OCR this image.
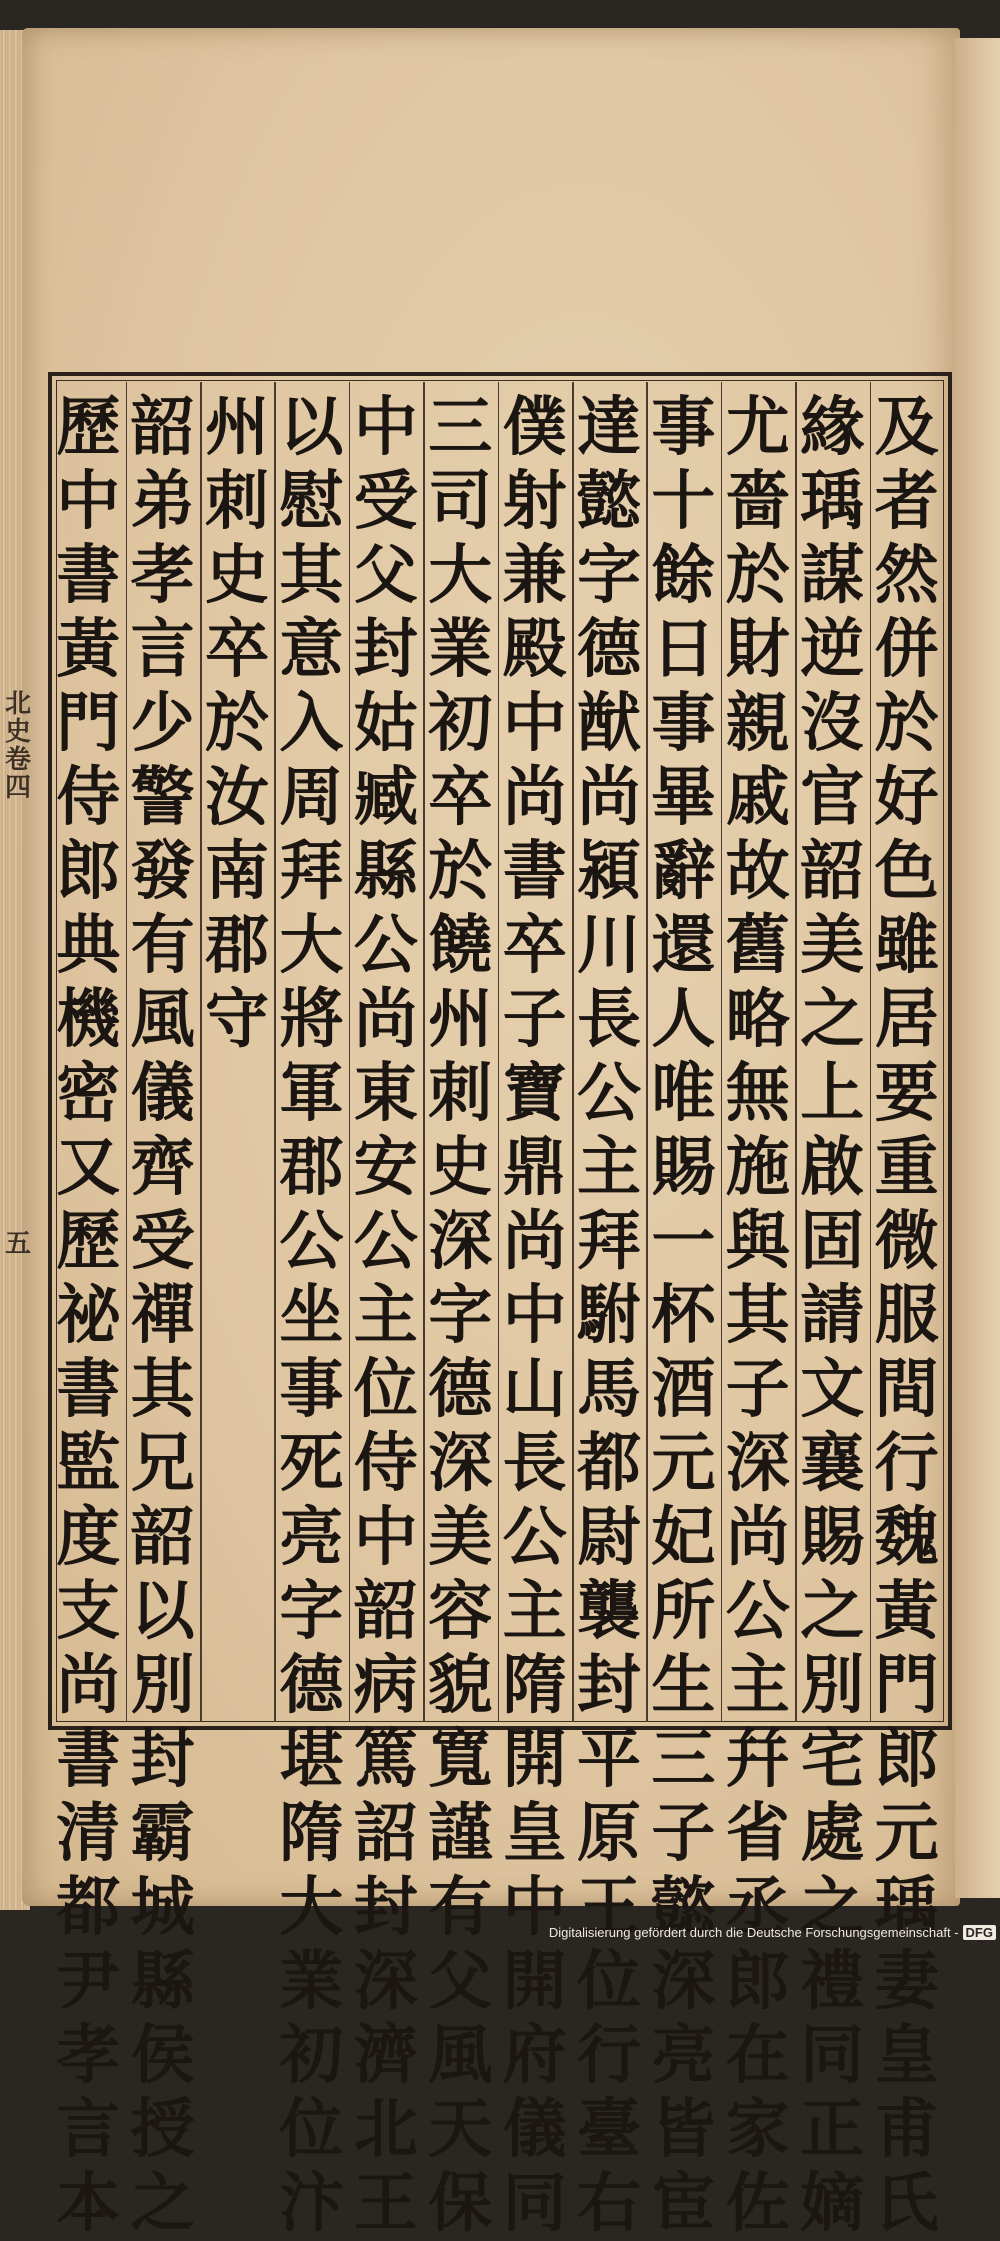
及
者
然
併
於
好
色
雖
居
要
重
微
服
間
行
魏
黃
門
郎
元
瑀
妻
皇
甫
氏
緣
瑀
謀
逆
沒
官
韶
美
之
上
啟
固
請
文
襄
賜
之
別
宅
處
之
禮
同
正
嫡
尤
嗇
於
財
親
戚
故
舊
略
無
施
與
其
子
深
尚
公
主
幷
省
丞
郎
在
家
佐
事
十
餘
日
事
畢
辭
還
人
唯
賜
一
杯
酒
元
妃
所
生
三
子
懿
深
亮
皆
宦
達
懿
字
德
猷
尚
潁
川
長
公
主
拜
駙
馬
都
尉
襲
封
平
原
王
位
行
臺
右
僕
射
兼
殿
中
尚
書
卒
子
寶
鼎
尚
中
山
長
公
主
隋
開
皇
中
開
府
儀
同
三
司
大
業
初
卒
於
饒
州
刺
史
深
字
德
深
美
容
貌
寬
謹
有
父
風
天
保
中
受
父
封
姑
臧
縣
公
尚
東
安
公
主
位
侍
中
韶
病
篤
詔
封
深
濟
北
王
以
慰
其
意
入
周
拜
大
將
軍
郡
公
坐
事
死
亮
字
德
堪
隋
大
業
初
位
汴
州
刺
史
卒
於
汝
南
郡
守
韶
弟
孝
言
少
警
發
有
風
儀
齊
受
禪
其
兄
韶
以
別
封
霸
城
縣
侯
授
之
歷
中
書
黃
門
侍
郎
典
機
密
又
歷
祕
書
監
度
支
尚
書
清
都
尹
孝
言
本
北
史
卷
四
五
Digitalisierung gefördert durch die Deutsche Forschungsgemeinschaft - DFG
